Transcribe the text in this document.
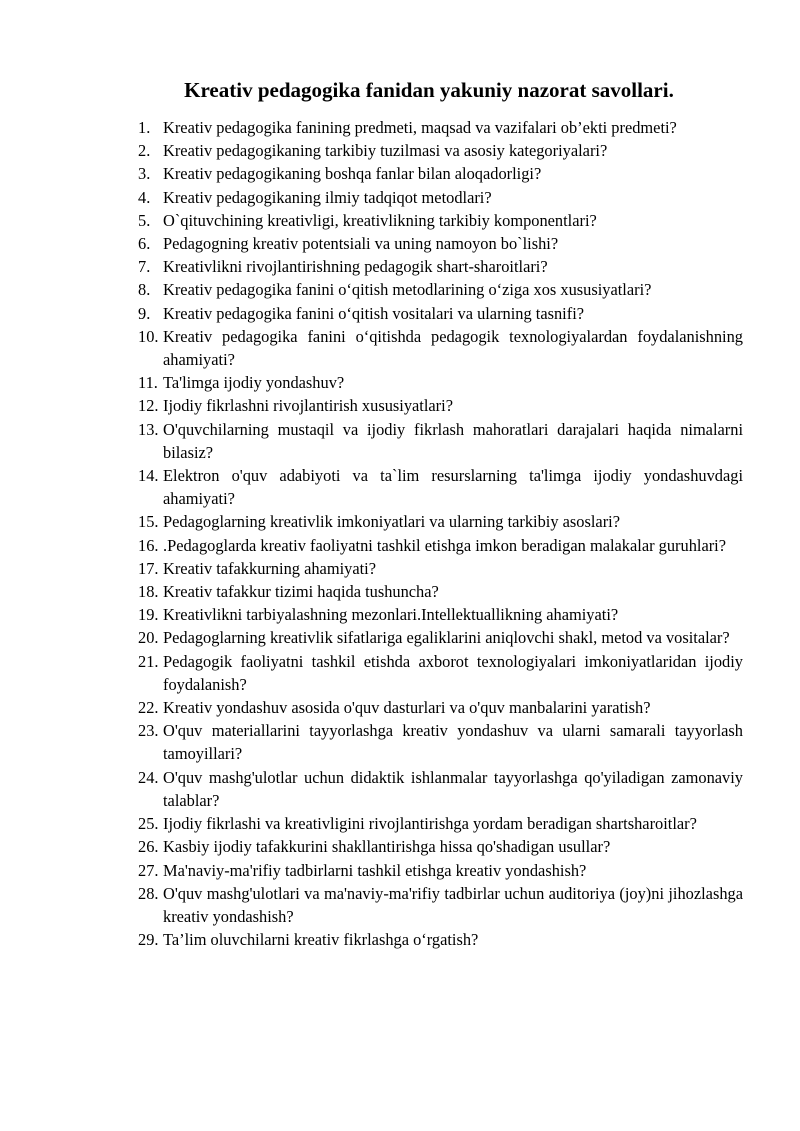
Kreativ pedagogika fanidan yakuniy nazorat savollari.
1. Kreativ pedagogika fanining predmeti, maqsad va vazifalari ob’ekti predmeti?
2. Kreativ pedagogikaning tarkibiy tuzilmasi va asosiy kategoriyalari?
3. Kreativ pedagogikaning boshqa fanlar bilan aloqadorligi?
4. Kreativ pedagogikaning ilmiy tadqiqot metodlari?
5. O`qituvchining kreativligi, kreativlikning tarkibiy komponentlari?
6. Pedagogning kreativ potentsiali va uning namoyon bo`lishi?
7. Kreativlikni rivojlantirishning pedagogik shart-sharoitlari?
8. Kreativ pedagogika fanini o‘qitish metodlarining o‘ziga xos xususiyatlari?
9. Kreativ pedagogika fanini o‘qitish vositalari va ularning tasnifi?
10. Kreativ pedagogika fanini o‘qitishda pedagogik texnologiyalardan foydalanishning ahamiyati?
11. Ta'limga ijodiy yondashuv?
12. Ijodiy fikrlashni rivojlantirish xususiyatlari?
13. O'quvchilarning mustaqil va ijodiy fikrlash mahoratlari darajalari haqida nimalarni bilasiz?
14. Elektron o'quv adabiyoti va ta`lim resurslarning ta'limga ijodiy yondashuvdagi ahamiyati?
15. Pedagoglarning kreativlik imkoniyatlari va ularning tarkibiy asoslari?
16. .Pedagoglarda kreativ faoliyatni tashkil etishga imkon beradigan malakalar guruhlari?
17. Kreativ tafakkurning ahamiyati?
18. Kreativ tafakkur tizimi haqida tushuncha?
19. Kreativlikni tarbiyalashning mezonlari.Intellektuallikning ahamiyati?
20. Pedagoglarning kreativlik sifatlariga egaliklarini aniqlovchi shakl, metod va vositalar?
21. Pedagogik faoliyatni tashkil etishda axborot texnologiyalari imkoniyatlaridan ijodiy foydalanish?
22. Kreativ yondashuv asosida o'quv dasturlari va o'quv manbalarini yaratish?
23. O'quv materiallarini tayyorlashga kreativ yondashuv va ularni samarali tayyorlash tamoyillari?
24. O'quv mashg'ulotlar uchun didaktik ishlanmalar tayyorlashga qo'yiladigan zamonaviy talablar?
25. Ijodiy fikrlashi va kreativligini rivojlantirishga yordam beradigan shartsharoitlar?
26. Kasbiy ijodiy tafakkurini shakllantirishga hissa qo'shadigan usullar?
27. Ma'naviy-ma'rifiy tadbirlarni tashkil etishga kreativ yondashish?
28. O'quv mashg'ulotlari va ma'naviy-ma'rifiy tadbirlar uchun auditoriya (joy)ni jihozlashga kreativ yondashish?
29. Ta’lim oluvchilarni kreativ fikrlashga o‘rgatish?
